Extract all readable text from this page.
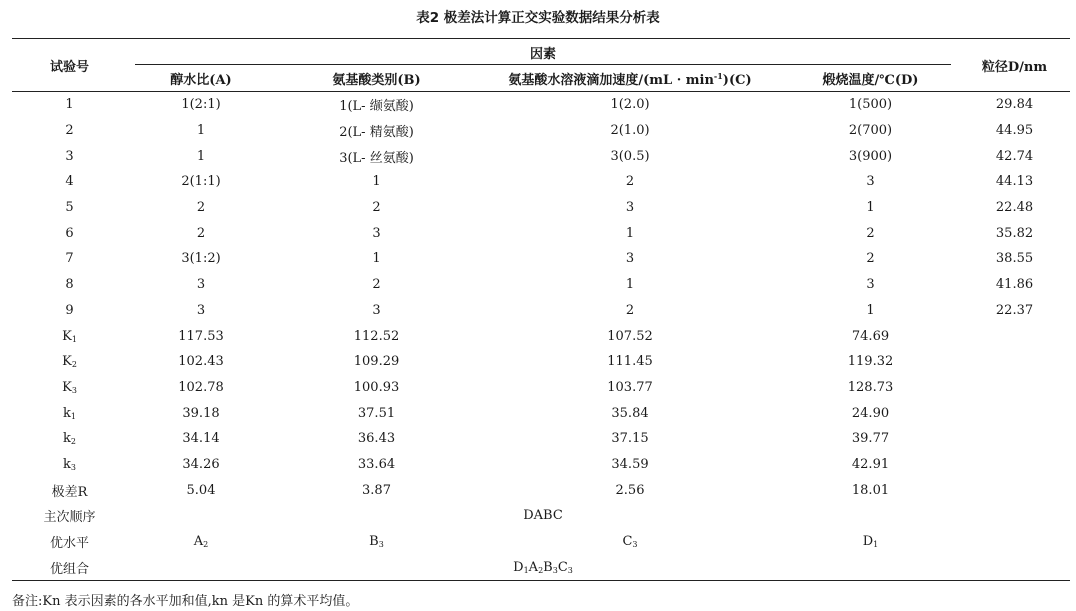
表2 极差法计算正交实验数据结果分析表
试验号	因素				粒径D/nm
	醇水比(A)	氨基酸类别(B)	氨基酸水溶液滴加速度$/(mL \cdot \min^{-1})(C)$	煅烧温度/℃(D)	
1	1(2:1)	1(L- 缬氨酸)	1(2.0)	1(500)	29.84
2	1	2(L- 精氨酸)	2(1.0)	2(700)	44.95
3	1	3(L- 丝氨酸)	3(0.5)	3(900)	42.74
4	2(1:1)	1	2	3	44.13
5	2	2	3	1	22.48
6	2	3	1	2	35.82
7	3(1:2)	1	3	2	38.55
8	3	2	1	3	41.86
9	3	3	2	1	22.37
$K_1$	117.53	112.52	107.52	74.69	
$K_2$	102.43	109.29	111.45	119.32	
$K_3$	102.78	100.93	103.77	128.73	
$k_1$	39.18	37.51	35.84	24.90	
$k_2$	34.14	36.43	37.15	39.77	
$k_3$	34.26	33.64	34.59	42.91	
极差R	5.04	3.87	2.56	18.01	
主次顺序	DABC				
优水平	$A_2$	$B_3$	$C_3$	$D_1$	
优组合	$D_1A_2B_3C_3$	
备注:Kn 表示因素的各水平加和值,kn 是Kn 的算术平均值。
